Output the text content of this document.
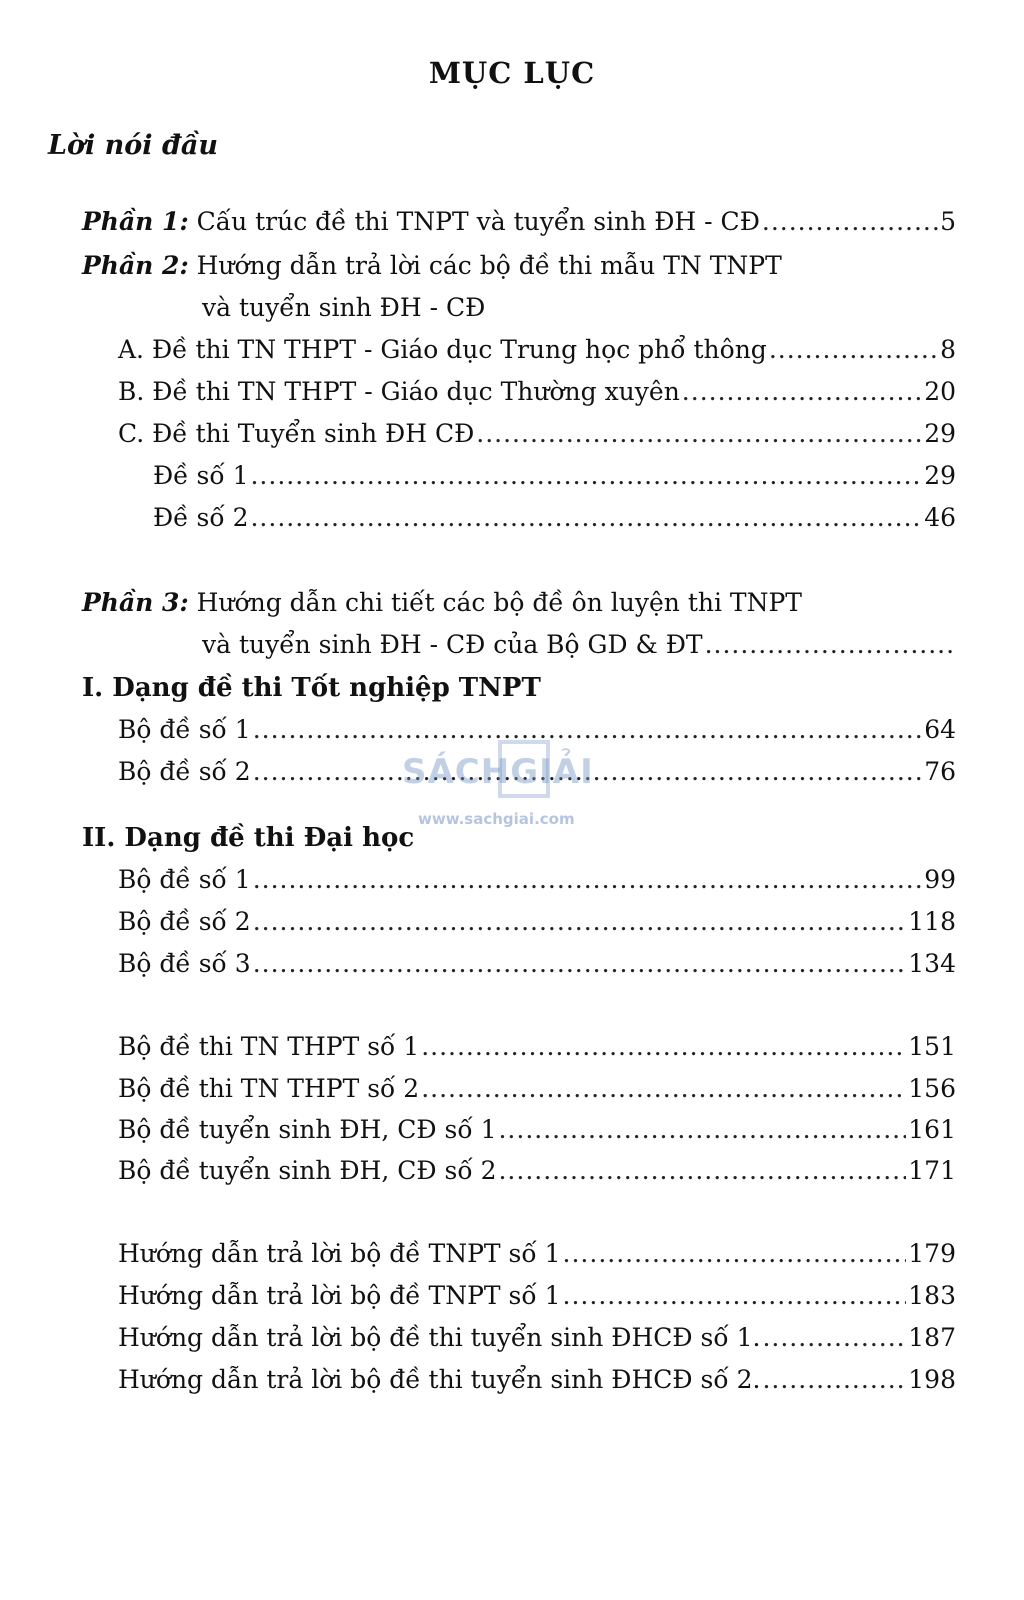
MỤC LỤC
Lời nói đầu
Phần 1: Cấu trúc đề thi TNPT và tuyển sinh ĐH - CĐ .....	5
Phần 2: Hướng dẫn trả lời các bộ đề thi mẫu TN TNPT
và tuyển sinh ĐH - CĐ
A. Đề thi TN THPT - Giáo dục Trung học phổ thông .....	8
B. Đề thi TN THPT - Giáo dục Thường xuyên .....	20
C. Đề thi Tuyển sinh ĐH CĐ .....	29
Đề số 1 .....	29
Đề số 2 .....	46
Phần 3: Hướng dẫn chi tiết các bộ đề ôn luyện thi TNPT
và tuyển sinh ĐH - CĐ của Bộ GD & ĐT
.....
I. Dạng đề thi Tốt nghiệp TNPT
Bộ đề số 1 .....	64
Bộ đề số 2 .....	76
II. Dạng đề thi Đại học
Bộ đề số 1 .....	99
Bộ đề số 2 .....	118
Bộ đề số 3 .....	134
Bộ đề thi TN THPT số 1 .....	151
Bộ đề thi TN THPT số 2 .....	156
Bộ đề tuyển sinh ĐH, CĐ số 1 .....	161
Bộ đề tuyển sinh ĐH, CĐ số 2 .....	171
Hướng dẫn trả lời bộ đề TNPT số 1 .....	179
Hướng dẫn trả lời bộ đề TNPT số 1 .....	183
Hướng dẫn trả lời bộ đề thi tuyển sinh ĐHCĐ số 1. .....	187
Hướng dẫn trả lời bộ đề thi tuyển sinh ĐHCĐ số 2. .....	198
SÁCHGIẢI
www.sachgiai.com
